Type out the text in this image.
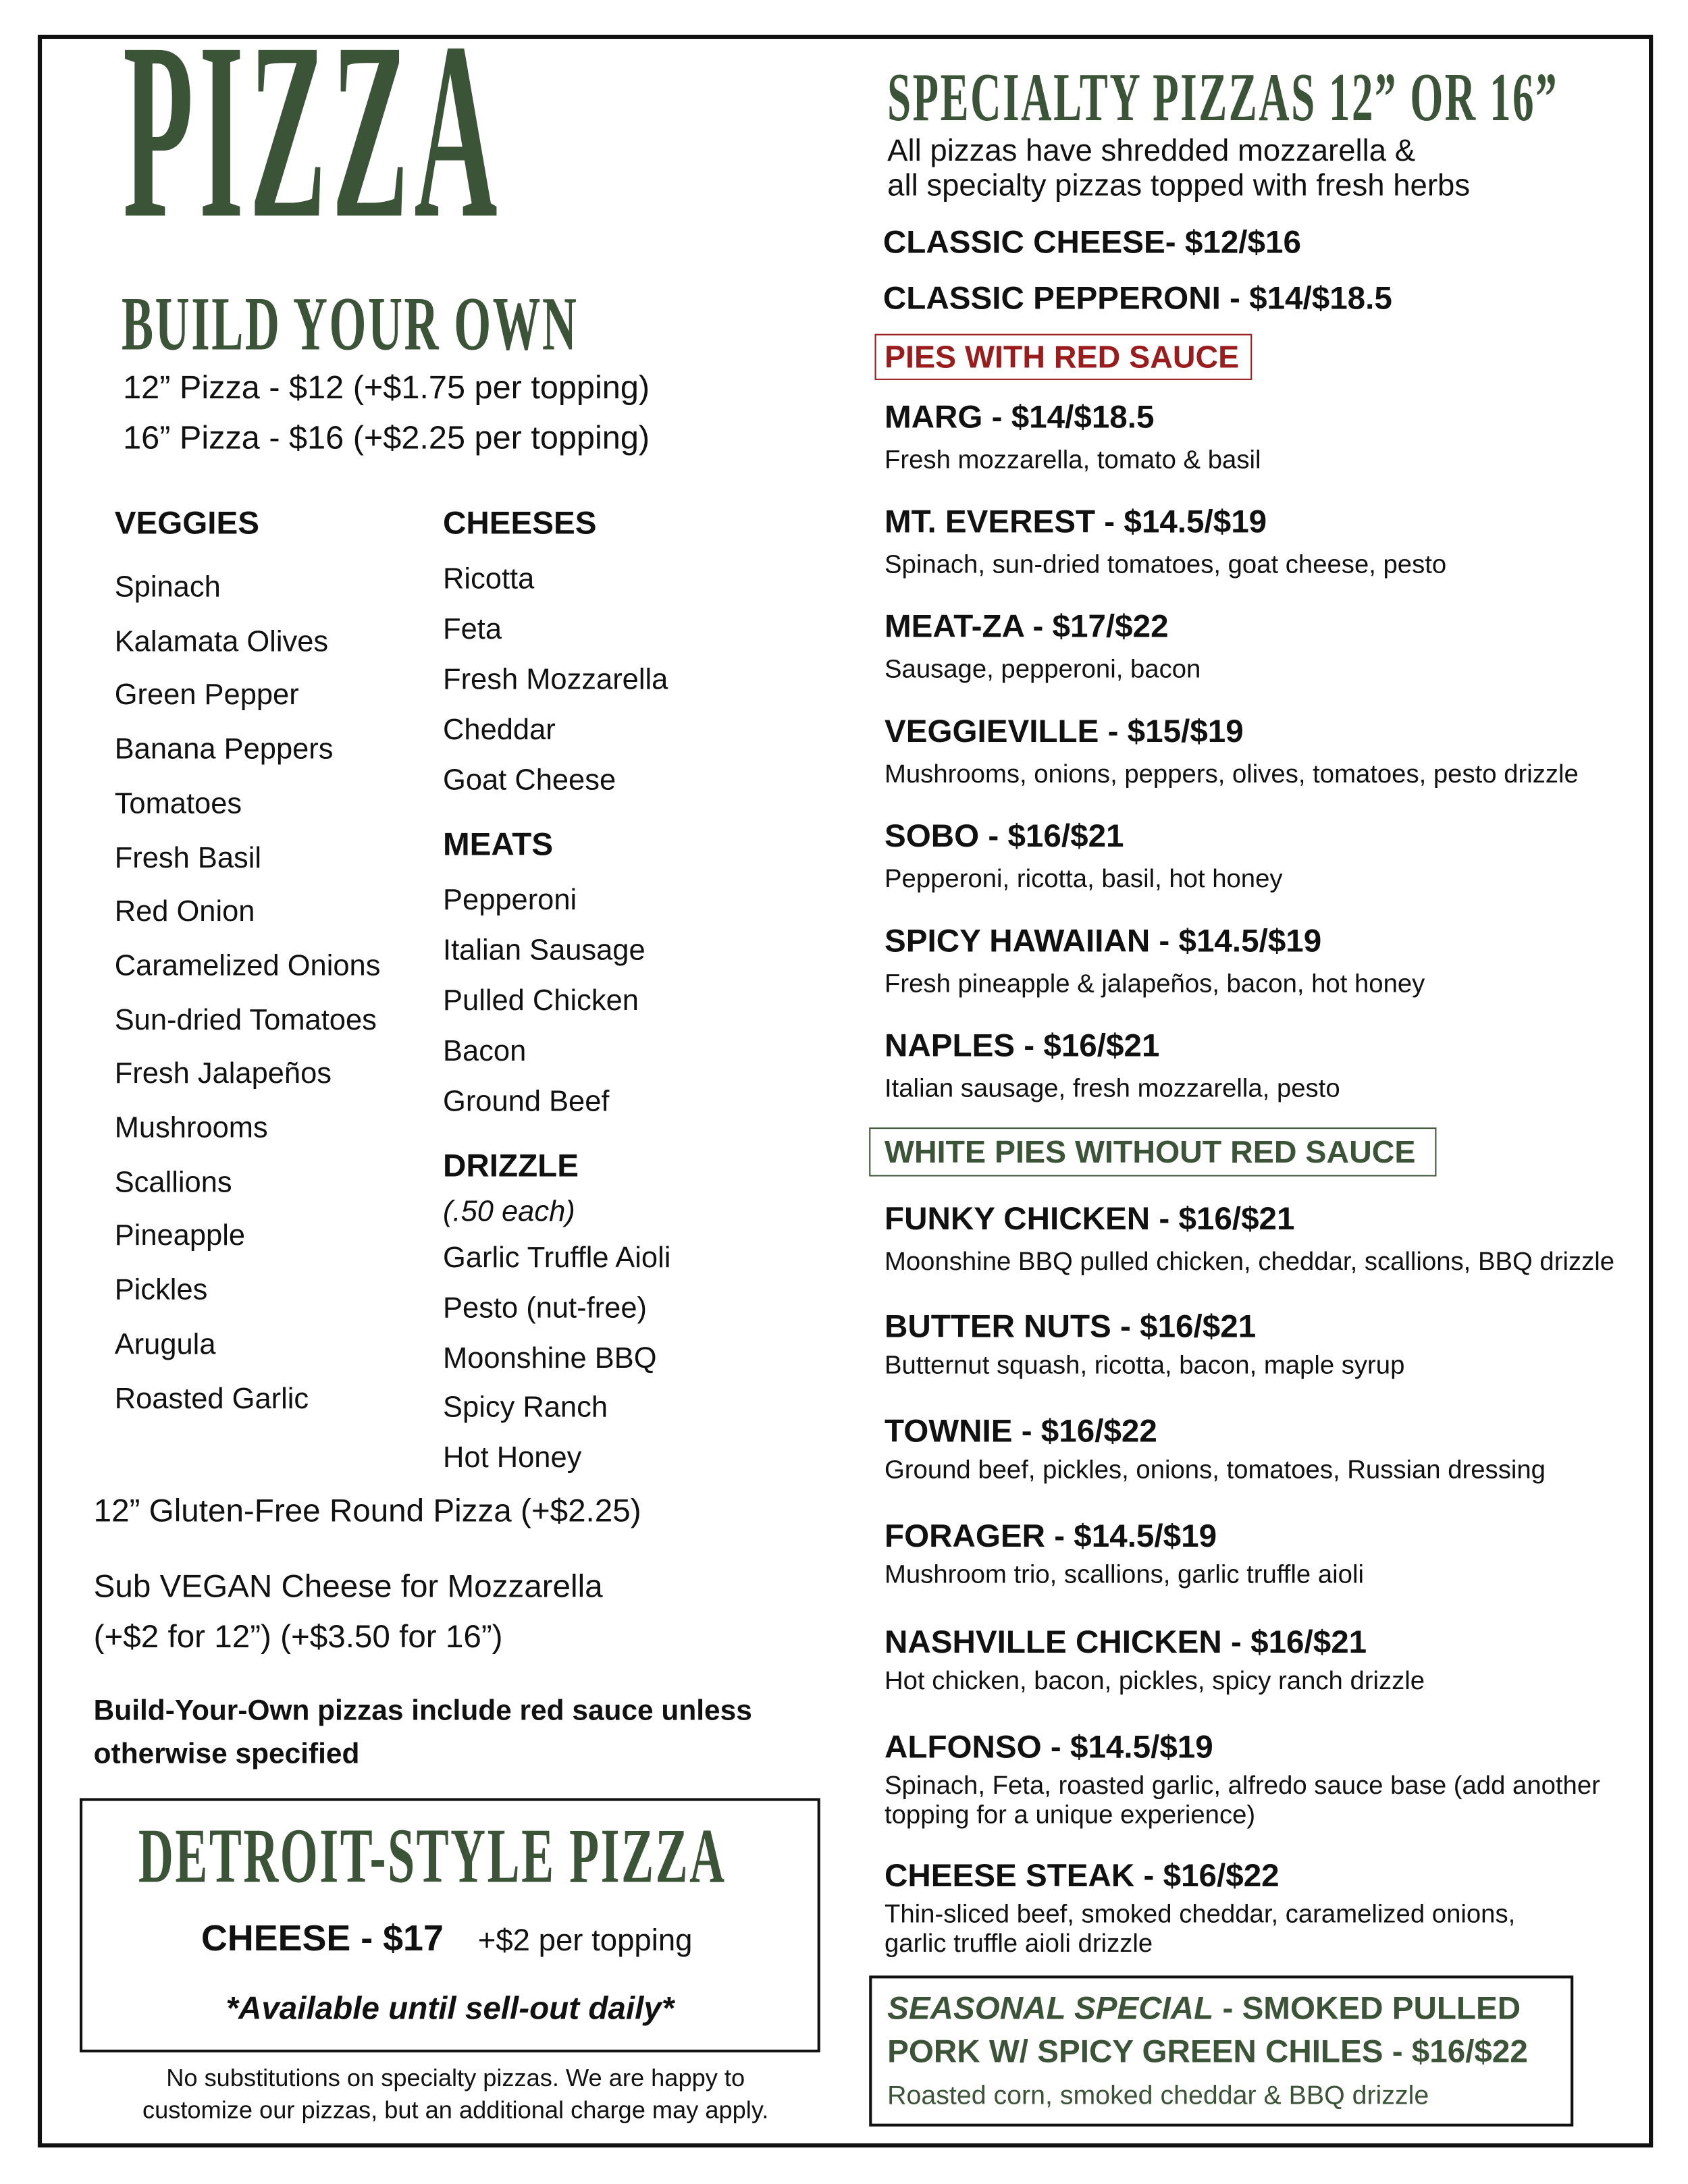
PIZZA
BUILD YOUR OWN
12” Pizza - $12 (+$1.75 per topping)
16” Pizza - $16 (+$2.25 per topping)
VEGGIES
Spinach
Kalamata Olives
Green Pepper
Banana Peppers
Tomatoes
Fresh Basil
Red Onion
Caramelized Onions
Sun-dried Tomatoes
Fresh Jalapeños
Mushrooms
Scallions
Pineapple
Pickles
Arugula
Roasted Garlic
CHEESES
Ricotta
Feta
Fresh Mozzarella
Cheddar
Goat Cheese
MEATS
Pepperoni
Italian Sausage
Pulled Chicken
Bacon
Ground Beef
DRIZZLE
(.50 each)
Garlic Truffle Aioli
Pesto (nut-free)
Moonshine BBQ
Spicy Ranch
Hot Honey
12” Gluten-Free Round Pizza (+$2.25)
Sub VEGAN Cheese for Mozzarella
(+$2 for 12”) (+$3.50 for 16”)
Build-Your-Own pizzas include red sauce unless
otherwise specified
DETROIT-STYLE PIZZA
CHEESE - $17 +$2 per topping
*Available until sell-out daily*
No substitutions on specialty pizzas. We are happy to
customize our pizzas, but an additional charge may apply.
SPECIALTY PIZZAS 12” OR 16”
All pizzas have shredded mozzarella &
all specialty pizzas topped with fresh herbs
CLASSIC CHEESE- $12/$16
CLASSIC PEPPERONI - $14/$18.5
PIES WITH RED SAUCE
MARG - $14/$18.5
Fresh mozzarella, tomato & basil
MT. EVEREST - $14.5/$19
Spinach, sun-dried tomatoes, goat cheese, pesto
MEAT-ZA - $17/$22
Sausage, pepperoni, bacon
VEGGIEVILLE - $15/$19
Mushrooms, onions, peppers, olives, tomatoes, pesto drizzle
SOBO - $16/$21
Pepperoni, ricotta, basil, hot honey
SPICY HAWAIIAN - $14.5/$19
Fresh pineapple & jalapeños, bacon, hot honey
NAPLES - $16/$21
Italian sausage, fresh mozzarella, pesto
WHITE PIES WITHOUT RED SAUCE
FUNKY CHICKEN - $16/$21
Moonshine BBQ pulled chicken, cheddar, scallions, BBQ drizzle
BUTTER NUTS - $16/$21
Butternut squash, ricotta, bacon, maple syrup
TOWNIE - $16/$22
Ground beef, pickles, onions, tomatoes, Russian dressing
FORAGER - $14.5/$19
Mushroom trio, scallions, garlic truffle aioli
NASHVILLE CHICKEN - $16/$21
Hot chicken, bacon, pickles, spicy ranch drizzle
ALFONSO - $14.5/$19
Spinach, Feta, roasted garlic, alfredo sauce base (add another
topping for a unique experience)
CHEESE STEAK - $16/$22
Thin-sliced beef, smoked cheddar, caramelized onions,
garlic truffle aioli drizzle
SEASONAL SPECIAL - SMOKED PULLED
PORK W/ SPICY GREEN CHILES - $16/$22
Roasted corn, smoked cheddar & BBQ drizzle
